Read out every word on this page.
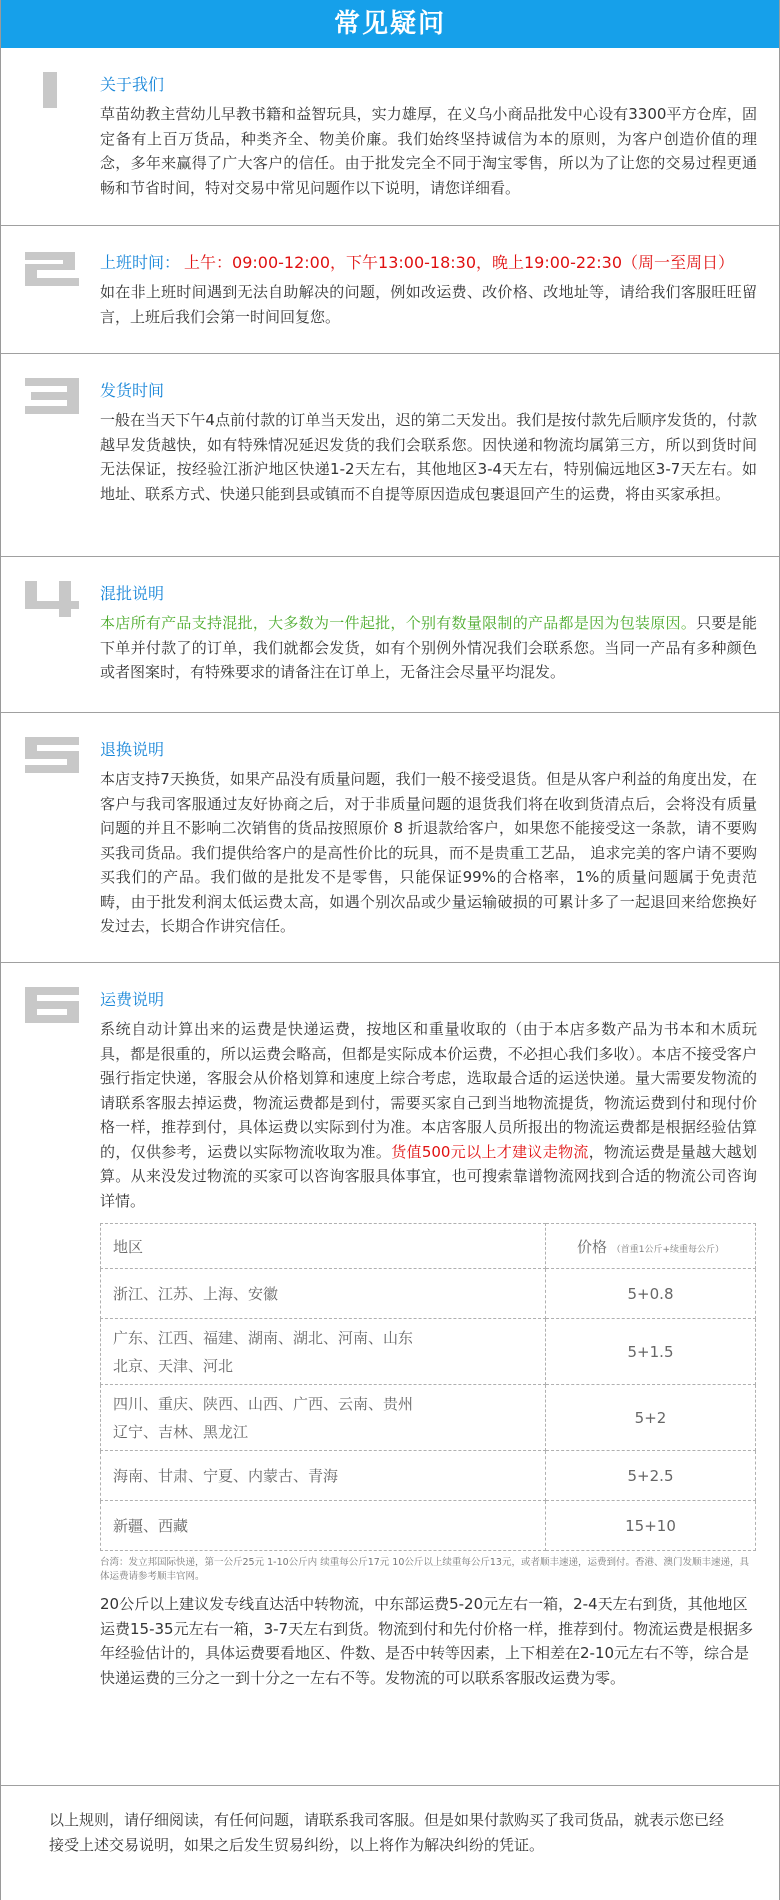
常见疑问
关于我们
草苗幼教主营幼儿早教书籍和益智玩具，实力雄厚，在义乌小商品批发中心设有3300平方仓库，固定备有上百万货品，种类齐全、物美价廉。我们始终坚持诚信为本的原则，为客户创造价值的理念，多年来赢得了广大客户的信任。由于批发完全不同于淘宝零售，所以为了让您的交易过程更通畅和节省时间，特对交易中常见问题作以下说明，请您详细看。
上班时间： 上午：09:00-12:00，下午13:00-18:30，晚上19:00-22:30（周一至周日）
如在非上班时间遇到无法自助解决的问题，例如改运费、改价格、改地址等，请给我们客服旺旺留言，上班后我们会第一时间回复您。
发货时间
一般在当天下午4点前付款的订单当天发出，迟的第二天发出。我们是按付款先后顺序发货的，付款越早发货越快，如有特殊情况延迟发货的我们会联系您。因快递和物流均属第三方，所以到货时间无法保证，按经验江浙沪地区快递1-2天左右，其他地区3-4天左右，特别偏远地区3-7天左右。如地址、联系方式、快递只能到县或镇而不自提等原因造成包裹退回产生的运费，将由买家承担。
混批说明
本店所有产品支持混批，大多数为一件起批，个别有数量限制的产品都是因为包装原因。只要是能下单并付款了的订单，我们就都会发货，如有个别例外情况我们会联系您。当同一产品有多种颜色或者图案时，有特殊要求的请备注在订单上，无备注会尽量平均混发。
退换说明
本店支持7天换货，如果产品没有质量问题，我们一般不接受退货。但是从客户利益的角度出发，在客户与我司客服通过友好协商之后，对于非质量问题的退货我们将在收到货清点后，会将没有质量问题的并且不影响二次销售的货品按照原价 8 折退款给客户，如果您不能接受这一条款，请不要购买我司货品。我们提供给客户的是高性价比的玩具，而不是贵重工艺品， 追求完美的客户请不要购买我们的产品。我们做的是批发不是零售，只能保证99%的合格率，1%的质量问题属于免责范畴，由于批发利润太低运费太高，如遇个别次品或少量运输破损的可累计多了一起退回来给您换好发过去，长期合作讲究信任。
运费说明
系统自动计算出来的运费是快递运费，按地区和重量收取的（由于本店多数产品为书本和木质玩具，都是很重的，所以运费会略高，但都是实际成本价运费，不必担心我们多收）。本店不接受客户强行指定快递，客服会从价格划算和速度上综合考虑，选取最合适的运送快递。量大需要发物流的请联系客服去掉运费，物流运费都是到付，需要买家自己到当地物流提货，物流运费到付和现付价格一样，推荐到付，具体运费以实际到付为准。本店客服人员所报出的物流运费都是根据经验估算的，仅供参考，运费以实际物流收取为准。货值500元以上才建议走物流，物流运费是量越大越划算。从来没发过物流的买家可以咨询客服具体事宜，也可搜索靠谱物流网找到合适的物流公司咨询详情。
地区	价格 （首重1公斤+续重每公斤）
浙江、江苏、上海、安徽	5+0.8
广东、江西、福建、湖南、湖北、河南、山东
北京、天津、河北	5+1.5
四川、重庆、陕西、山西、广西、云南、贵州
辽宁、吉林、黑龙江	5+2
海南、甘肃、宁夏、内蒙古、青海	5+2.5
新疆、西藏	15+10
台湾：发立邦国际快递，第一公斤25元 1-10公斤内 续重每公斤17元 10公斤以上续重每公斤13元，或者顺丰速递，运费到付。香港、澳门发顺丰速递，具体运费请参考顺丰官网。
20公斤以上建议发专线直达活中转物流，中东部运费5-20元左右一箱，2-4天左右到货，其他地区运费15-35元左右一箱，3-7天左右到货。物流到付和先付价格一样，推荐到付。物流运费是根据多年经验估计的，具体运费要看地区、件数、是否中转等因素，上下相差在2-10元左右不等，综合是快递运费的三分之一到十分之一左右不等。发物流的可以联系客服改运费为零。
以上规则，请仔细阅读，有任何问题，请联系我司客服。但是如果付款购买了我司货品，就表示您已经接受上述交易说明，如果之后发生贸易纠纷，以上将作为解决纠纷的凭证。
